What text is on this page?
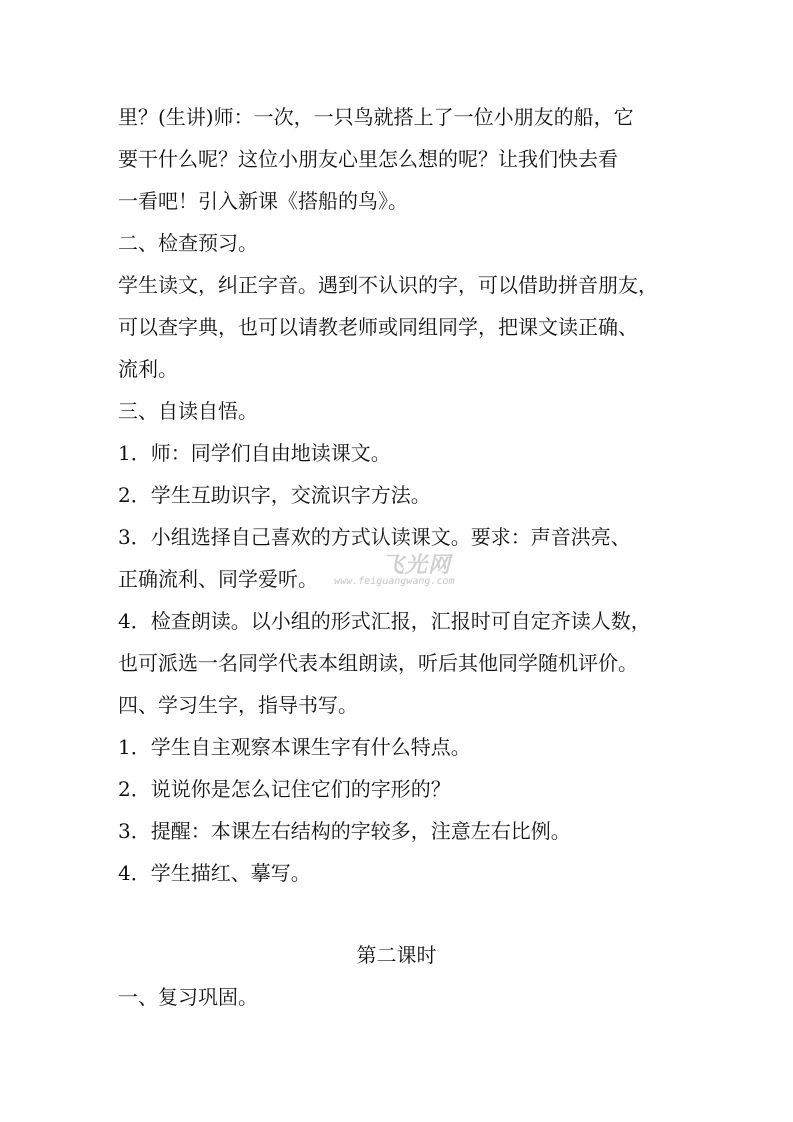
里？(生讲)师：一次，一只鸟就搭上了一位小朋友的船，它
要干什么呢？这位小朋友心里怎么想的呢？让我们快去看
一看吧！引入新课《搭船的鸟》。
二、检查预习。
学生读文，纠正字音。遇到不认识的字，可以借助拼音朋友，
可以查字典，也可以请教老师或同组同学，把课文读正确、
流利。
三、自读自悟。
1．师：同学们自由地读课文。
2．学生互助识字，交流识字方法。
3．小组选择自己喜欢的方式认读课文。要求：声音洪亮、
正确流利、同学爱听。
4．检查朗读。以小组的形式汇报，汇报时可自定齐读人数，
也可派选一名同学代表本组朗读，听后其他同学随机评价。
四、学习生字，指导书写。
1．学生自主观察本课生字有什么特点。
2．说说你是怎么记住它们的字形的？
3．提醒：本课左右结构的字较多，注意左右比例。
4．学生描红、摹写。
第二课时
一、复习巩固。
飞光网
www.feiguangwang.com
